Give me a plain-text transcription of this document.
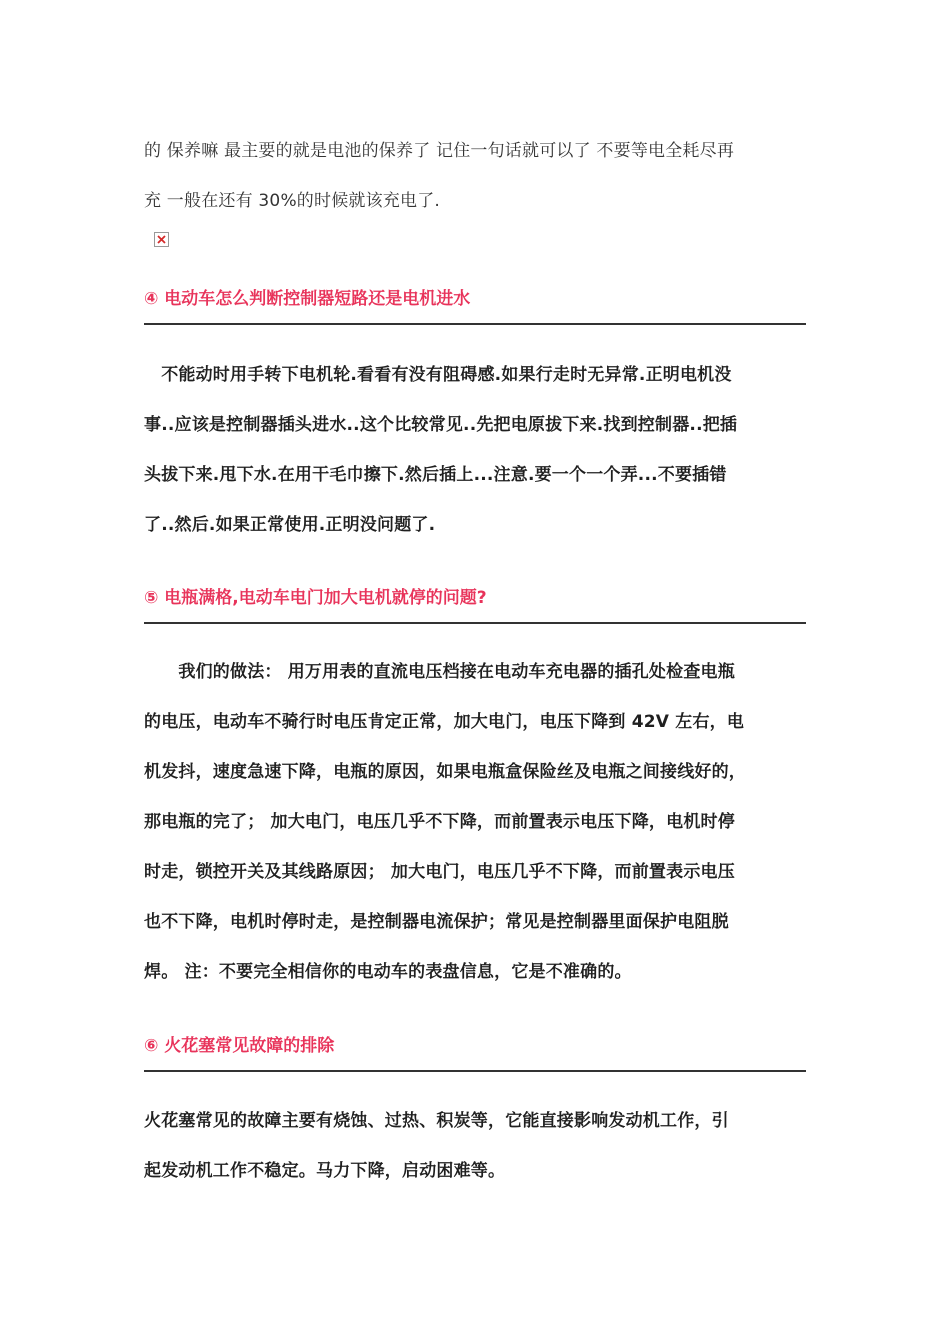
的 保养嘛 最主要的就是电池的保养了 记住一句话就可以了 不要等电全耗尽再
充 一般在还有 30%的时候就该充电了.

④ 电动车怎么判断控制器短路还是电机进水

　不能动时用手转下电机轮.看看有没有阻碍感.如果行走时无异常.正明电机没
事..应该是控制器插头进水..这个比较常见..先把电原拔下来.找到控制器..把插
头拔下来.甩下水.在用干毛巾擦下.然后插上...注意.要一个一个弄...不要插错
了..然后.如果正常使用.正明没问题了.

⑤ 电瓶满格,电动车电门加大电机就停的问题?

　　我们的做法： 用万用表的直流电压档接在电动车充电器的插孔处检查电瓶
的电压，电动车不骑行时电压肯定正常，加大电门，电压下降到 42V 左右，电
机发抖，速度急速下降，电瓶的原因，如果电瓶盒保险丝及电瓶之间接线好的，
那电瓶的完了； 加大电门，电压几乎不下降，而前置表示电压下降，电机时停
时走，锁控开关及其线路原因； 加大电门，电压几乎不下降，而前置表示电压
也不下降，电机时停时走，是控制器电流保护；常见是控制器里面保护电阻脱
焊。 注：不要完全相信你的电动车的表盘信息，它是不准确的。

⑥ 火花塞常见故障的排除

火花塞常见的故障主要有烧蚀、过热、积炭等，它能直接影响发动机工作，引
起发动机工作不稳定。马力下降，启动困难等。
